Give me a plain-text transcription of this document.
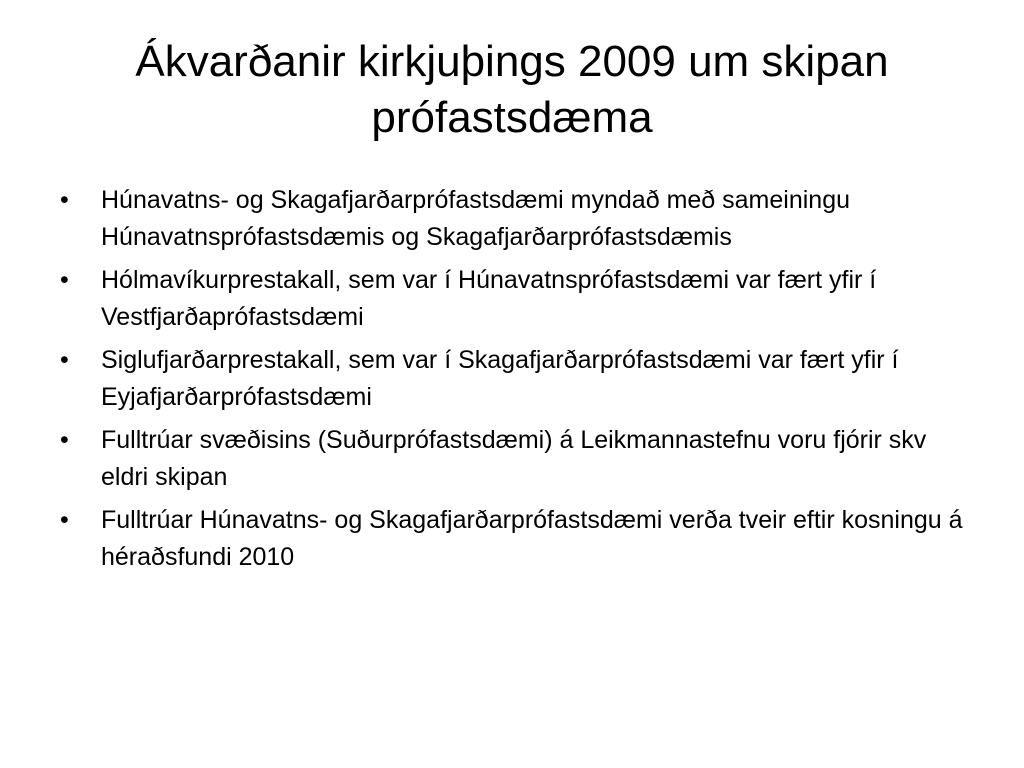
Ákvarðanir kirkjuþings 2009 um skipan prófastsdæma
•	Húnavatns- og Skagafjarðarprófastsdæmi myndað með sameiningu Húnavatnsprófastsdæmis og Skagafjarðarprófastsdæmis
•	Hólmavíkurprestakall, sem var í Húnavatnsprófastsdæmi var fært yfir í Vestfjarðaprófastsdæmi
•	Siglufjarðarprestakall, sem var í Skagafjarðarprófastsdæmi var fært yfir í Eyjafjarðarprófastsdæmi
•	Fulltrúar svæðisins (Suðurprófastsdæmi) á Leikmannastefnu voru fjórir skv eldri skipan
•	Fulltrúar Húnavatns- og Skagafjarðarprófastsdæmi verða tveir eftir kosningu á héraðsfundi 2010
